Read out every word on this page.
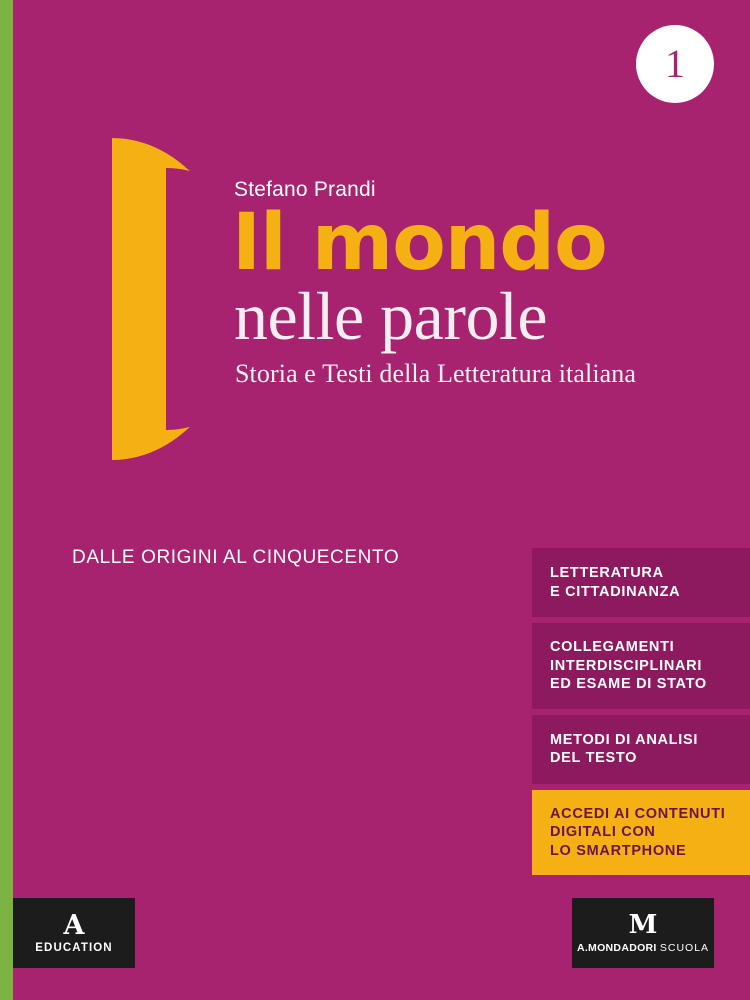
1

Stefano Prandi

Il mondo
nelle parole

Storia e Testi della Letteratura italiana

DALLE ORIGINI AL CINQUECENTO
LETTERATURA
E CITTADINANZA
COLLEGAMENTI
INTERDISCIPLINARI
ED ESAME DI STATO
METODI DI ANALISI
DEL TESTO
ACCEDI AI CONTENUTI
DIGITALI CON
LO SMARTPHONE
A
EDUCATION
M
A.MONDADORI SCUOLA
